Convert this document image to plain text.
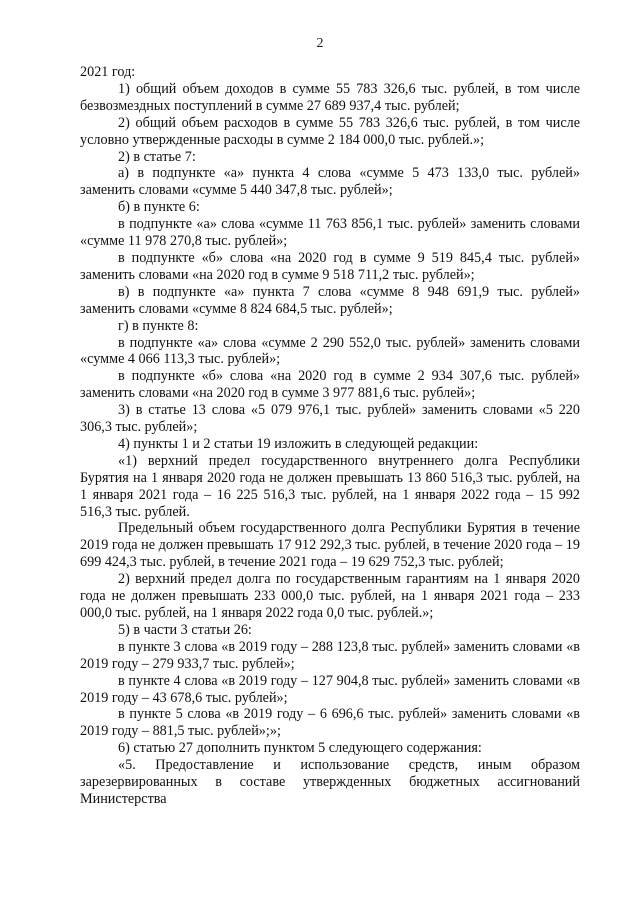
2

2021 год:

1) общий объем доходов в сумме 55 783 326,6 тыс. рублей, в том числе безвозмездных поступлений в сумме 27 689 937,4 тыс. рублей;

2) общий объем расходов в сумме 55 783 326,6 тыс. рублей, в том числе условно утвержденные расходы в сумме 2 184 000,0 тыс. рублей.»;

2) в статье 7:

а) в подпункте «а» пункта 4 слова «сумме 5 473 133,0 тыс. рублей» заменить словами «сумме 5 440 347,8 тыс. рублей»;

б) в пункте 6:

в подпункте «а» слова «сумме 11 763 856,1 тыс. рублей» заменить словами «сумме 11 978 270,8 тыс. рублей»;

в подпункте «б» слова «на 2020 год в сумме 9 519 845,4 тыс. рублей» заменить словами «на 2020 год в сумме 9 518 711,2 тыс. рублей»;

в) в подпункте «а» пункта 7 слова «сумме 8 948 691,9 тыс. рублей» заменить словами «сумме 8 824 684,5 тыс. рублей»;

г) в пункте 8:

в подпункте «а» слова «сумме 2 290 552,0 тыс. рублей» заменить словами «сумме 4 066 113,3 тыс. рублей»;

в подпункте «б» слова «на 2020 год в сумме 2 934 307,6 тыс. рублей» заменить словами «на 2020 год в сумме 3 977 881,6 тыс. рублей»;

3) в статье 13 слова «5 079 976,1 тыс. рублей» заменить словами «5 220 306,3 тыс. рублей»;

4) пункты 1 и 2 статьи 19 изложить в следующей редакции:

«1) верхний предел государственного внутреннего долга Республики Бурятия на 1 января 2020 года не должен превышать 13 860 516,3 тыс. рублей, на 1 января 2021 года – 16 225 516,3 тыс. рублей, на 1 января 2022 года – 15 992 516,3 тыс. рублей.

Предельный объем государственного долга Республики Бурятия в течение 2019 года не должен превышать 17 912 292,3 тыс. рублей, в течение 2020 года – 19 699 424,3 тыс. рублей, в течение 2021 года – 19 629 752,3 тыс. рублей;

2) верхний предел долга по государственным гарантиям на 1 января 2020 года не должен превышать 233 000,0 тыс. рублей, на 1 января 2021 года – 233 000,0 тыс. рублей, на 1 января 2022 года 0,0 тыс. рублей.»;

5) в части 3 статьи 26:

в пункте 3 слова «в 2019 году – 288 123,8 тыс. рублей» заменить словами «в 2019 году – 279 933,7 тыс. рублей»;

в пункте 4 слова «в 2019 году – 127 904,8 тыс. рублей» заменить словами «в 2019 году – 43 678,6 тыс. рублей»;

в пункте 5 слова «в 2019 году – 6 696,6 тыс. рублей» заменить словами «в 2019 году – 881,5 тыс. рублей»;»;

6) статью 27 дополнить пунктом 5 следующего содержания:

«5. Предоставление и использование средств, иным образом зарезервированных в составе утвержденных бюджетных ассигнований Министерства
